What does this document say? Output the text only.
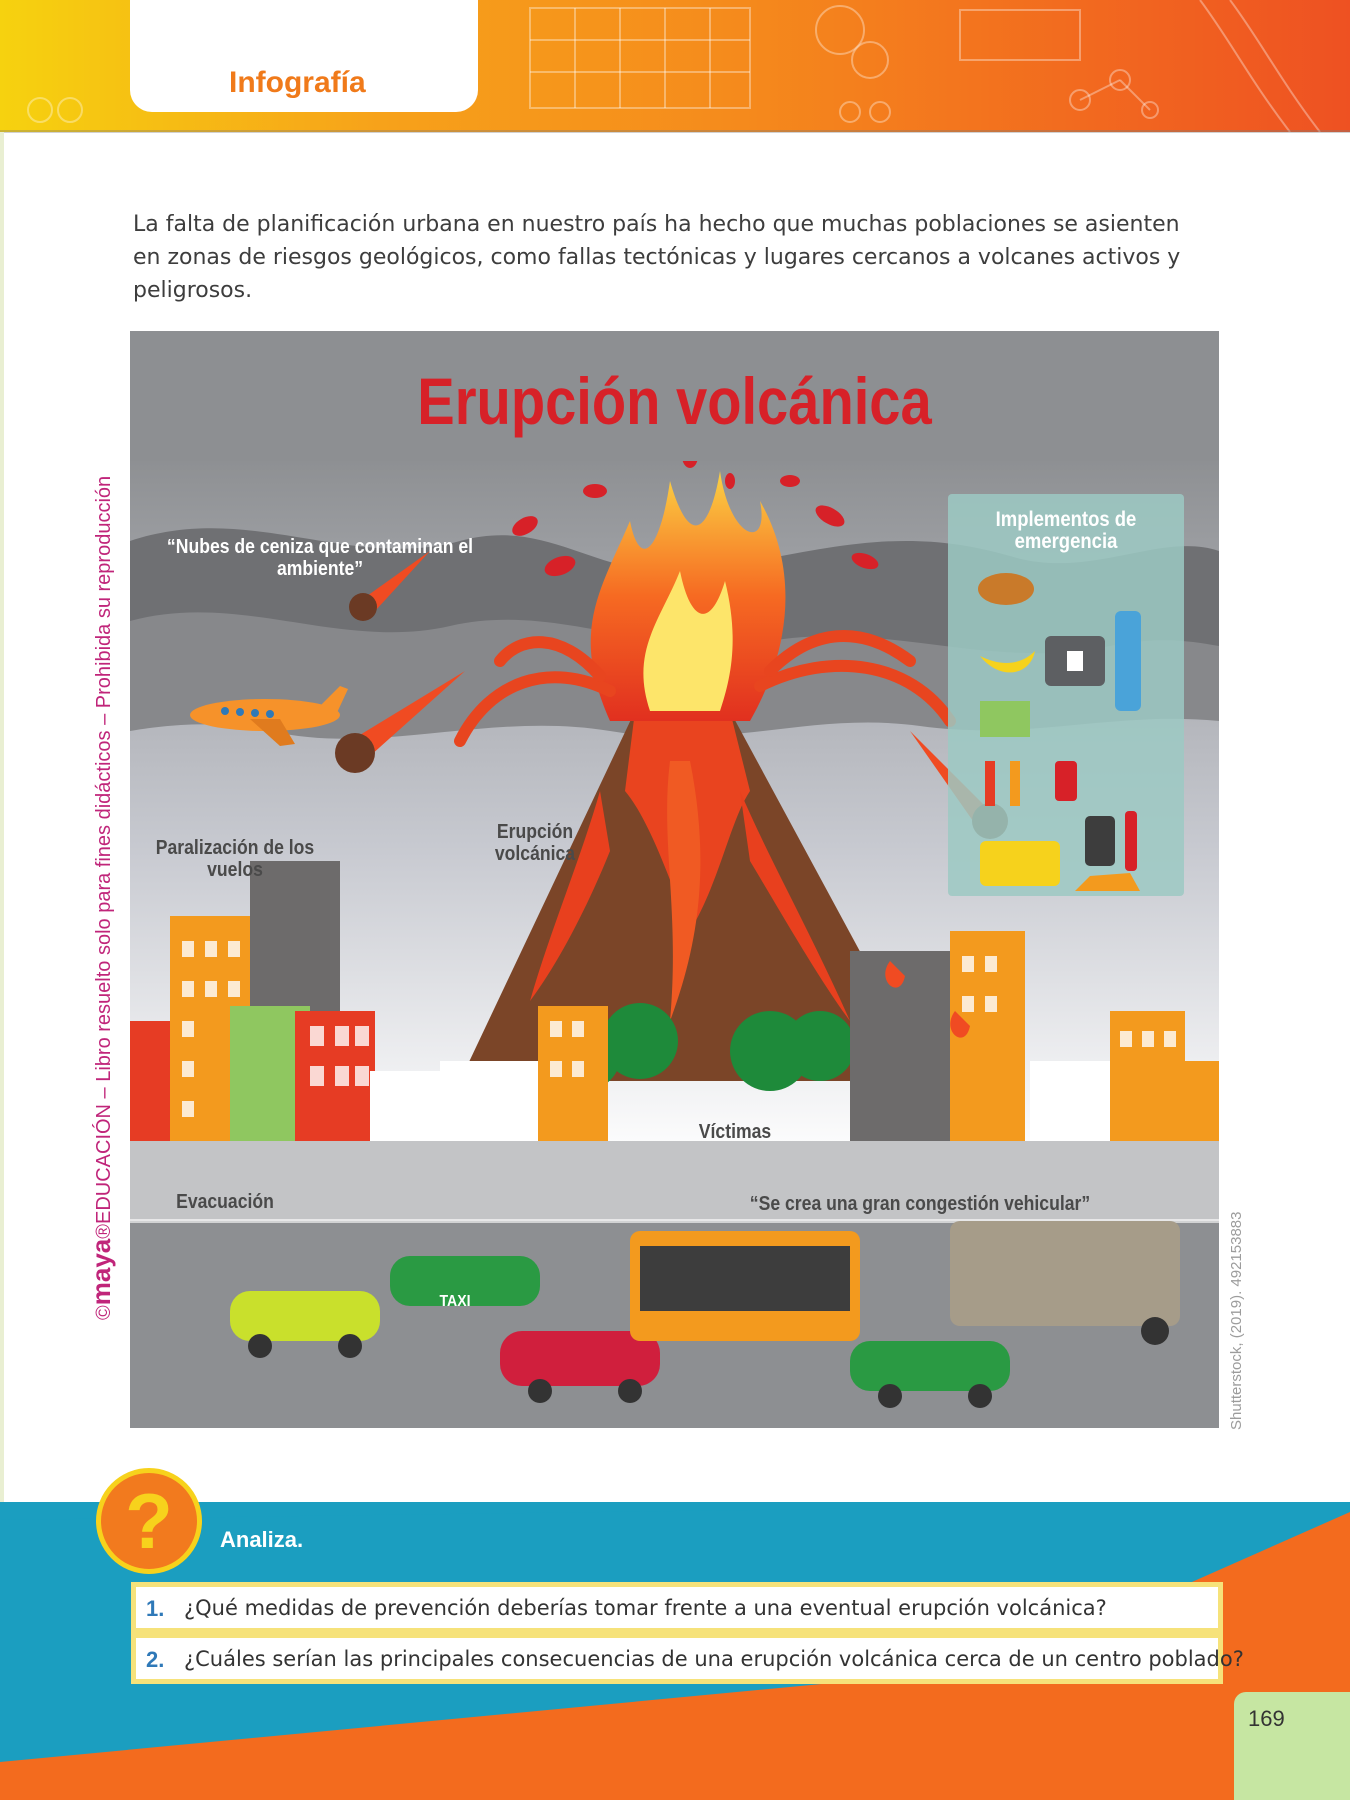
Infografía
©maya®EDUCACIÓN – Libro resuelto solo para fines didácticos – Prohibida su reproducción

La falta de planificación urbana en nuestro país ha hecho que muchas poblaciones se asienten en zonas de riesgos geológicos, como fallas tectónicas y lugares cercanos a volcanes activos y peligrosos.

Erupción volcánica
“Nubes de ceniza que contaminan el ambiente”
Paralización de los vuelos
Erupción volcánica
Víctimas
Evacuación	“Se crea una gran congestión vehicular”
Implementos de emergencia
TAXI	Shutterstock, (2019). 492153883
?	Analiza.
1. ¿Qué medidas de prevención deberías tomar frente a una eventual erupción volcánica?
2. ¿Cuáles serían las principales consecuencias de una erupción volcánica cerca de un centro poblado?
169
